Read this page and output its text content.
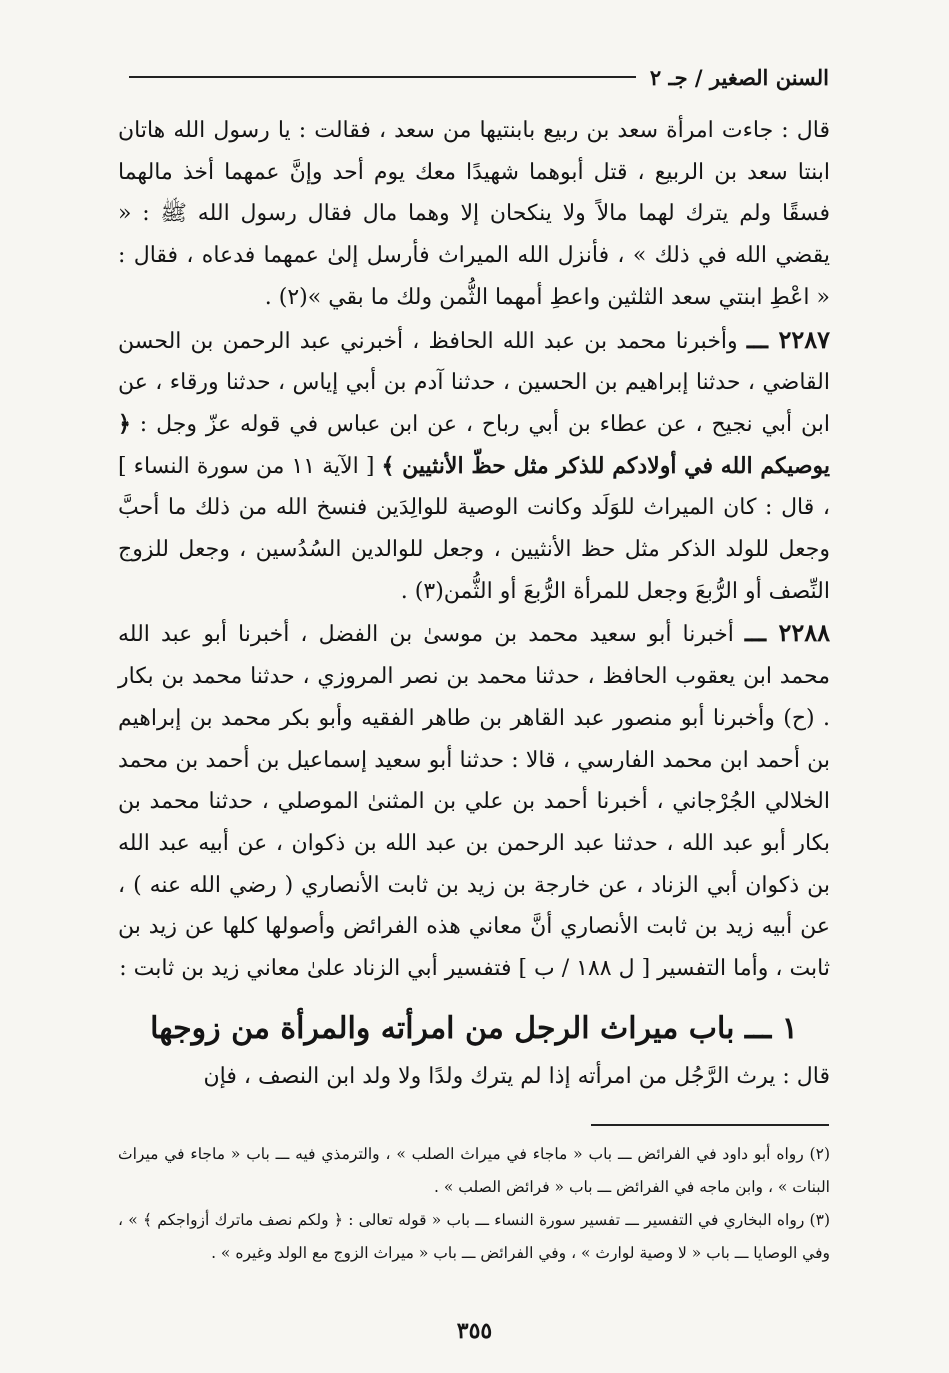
السنن الصغير / جـ ٢

قال : جاءت امرأة سعد بن ربيع بابنتيها من سعد ، فقالت : يا رسول الله هاتان ابنتا سعد بن الربيع ، قتل أبوهما شهيدًا معك يوم أحد وإنَّ عمهما أخذ مالهما فسقًا ولم يترك لهما مالاً ولا ينكحان إلا وهما مال فقال رسول الله ﷺ : « يقضي الله في ذلك » ، فأنزل الله الميراث فأرسل إلىٰ عمهما فدعاه ، فقال : « اعْطِ ابنتي سعد الثلثين واعطِ أمهما الثُّمن ولك ما بقي »(٢) .

٢٢٨٧ ـــ وأخبرنا محمد بن عبد الله الحافظ ، أخبرني عبد الرحمن بن الحسن القاضي ، حدثنا إبراهيم بن الحسين ، حدثنا آدم بن أبي إياس ، حدثنا ورقاء ، عن ابن أبي نجيح ، عن عطاء بن أبي رباح ، عن ابن عباس في قوله عزّ وجل : ﴿ يوصيكم الله في أولادكم للذكر مثل حظّ الأنثيين ﴾ [ الآية ١١ من سورة النساء ] ، قال : كان الميراث للوَلَد وكانت الوصية للوالِدَين فنسخ الله من ذلك ما أحبَّ وجعل للولد الذكر مثل حظ الأنثيين ، وجعل للوالدين السُدُسين ، وجعل للزوج النِّصف أو الرُّبعَ وجعل للمرأة الرُّبعَ أو الثُّمن(٣) .

٢٢٨٨ ـــ أخبرنا أبو سعيد محمد بن موسىٰ بن الفضل ، أخبرنا أبو عبد الله محمد ابن يعقوب الحافظ ، حدثنا محمد بن نصر المروزي ، حدثنا محمد بن بكار . (ح) وأخبرنا أبو منصور عبد القاهر بن طاهر الفقيه وأبو بكر محمد بن إبراهيم بن أحمد ابن محمد الفارسي ، قالا : حدثنا أبو سعيد إسماعيل بن أحمد بن محمد الخلالي الجُرْجاني ، أخبرنا أحمد بن علي بن المثنىٰ الموصلي ، حدثنا محمد بن بكار أبو عبد الله ، حدثنا عبد الرحمن بن عبد الله بن ذكوان ، عن أبيه عبد الله بن ذكوان أبي الزناد ، عن خارجة بن زيد بن ثابت الأنصاري ( رضي الله عنه ) ، عن أبيه زيد بن ثابت الأنصاري أنَّ معاني هذه الفرائض وأصولها كلها عن زيد بن ثابت ، وأما التفسير [ ل ١٨٨ / ب ] فتفسير أبي الزناد علىٰ معاني زيد بن ثابت :

١ ـــ باب ميراث الرجل من امرأته والمرأة من زوجها
قال : يرث الرَّجُل من امرأته إذا لم يترك ولدًا ولا ولد ابن النصف ، فإن

(٢) رواه أبو داود في الفرائض ـــ باب « ماجاء في ميراث الصلب » ، والترمذي فيه ـــ باب « ماجاء في ميراث البنات » ، وابن ماجه في الفرائض ـــ باب « فرائض الصلب » .

(٣) رواه البخاري في التفسير ـــ تفسير سورة النساء ـــ باب « قوله تعالى : ﴿ ولكم نصف ماترك أزواجكم ﴾ » ، وفي الوصايا ـــ باب « لا وصية لوارث » ، وفي الفرائض ـــ باب « ميراث الزوج مع الولد وغيره » .

٣٥٥
